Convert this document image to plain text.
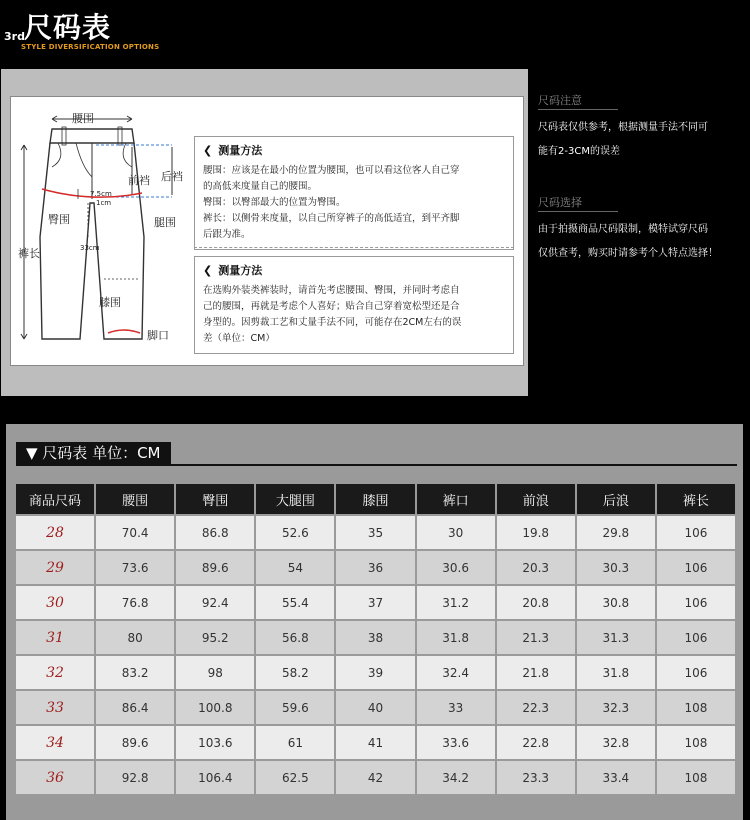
3rd 尺码表
STYLE DIVERSIFICATION OPTIONS
腰围
前裆 后裆
7.5cm
1cm
臀围	腿围
裤长	33cm
膝围
脚口
❮ 测量方法
腰围：应该是在最小的位置为腰围，也可以看这位客人自己穿
的高低来度量自己的腰围。
臀围：以臀部最大的位置为臀围。
裤长：以侧骨来度量，以自己所穿裤子的高低适宜，到平齐脚
后跟为准。
❮ 测量方法
在选购外装类裤装时，请首先考虑腰围、臀围，并同时考虑自
己的腰围，再就是考虑个人喜好；贴合自己穿着宽松型还是合
身型的。因剪裁工艺和丈量手法不同，可能存在2CM左右的误
差（单位：CM）
尺码注意
尺码表仅供参考，根据测量手法不同可
能有2-3CM的误差
尺码选择
由于拍摄商品尺码限制，模特试穿尺码
仅供查考，购买时请参考个人特点选择！
▼ 尺码表 单位：CM
商品尺码	腰围	臀围	大腿围	膝围	裤口	前浪	后浪	裤长
28	70.4	86.8	52.6	35	30	19.8	29.8	106
29	73.6	89.6	54	36	30.6	20.3	30.3	106
30	76.8	92.4	55.4	37	31.2	20.8	30.8	106
31	80	95.2	56.8	38	31.8	21.3	31.3	106
32	83.2	98	58.2	39	32.4	21.8	31.8	106
33	86.4	100.8	59.6	40	33	22.3	32.3	108
34	89.6	103.6	61	41	33.6	22.8	32.8	108
36	92.8	106.4	62.5	42	34.2	23.3	33.4	108
